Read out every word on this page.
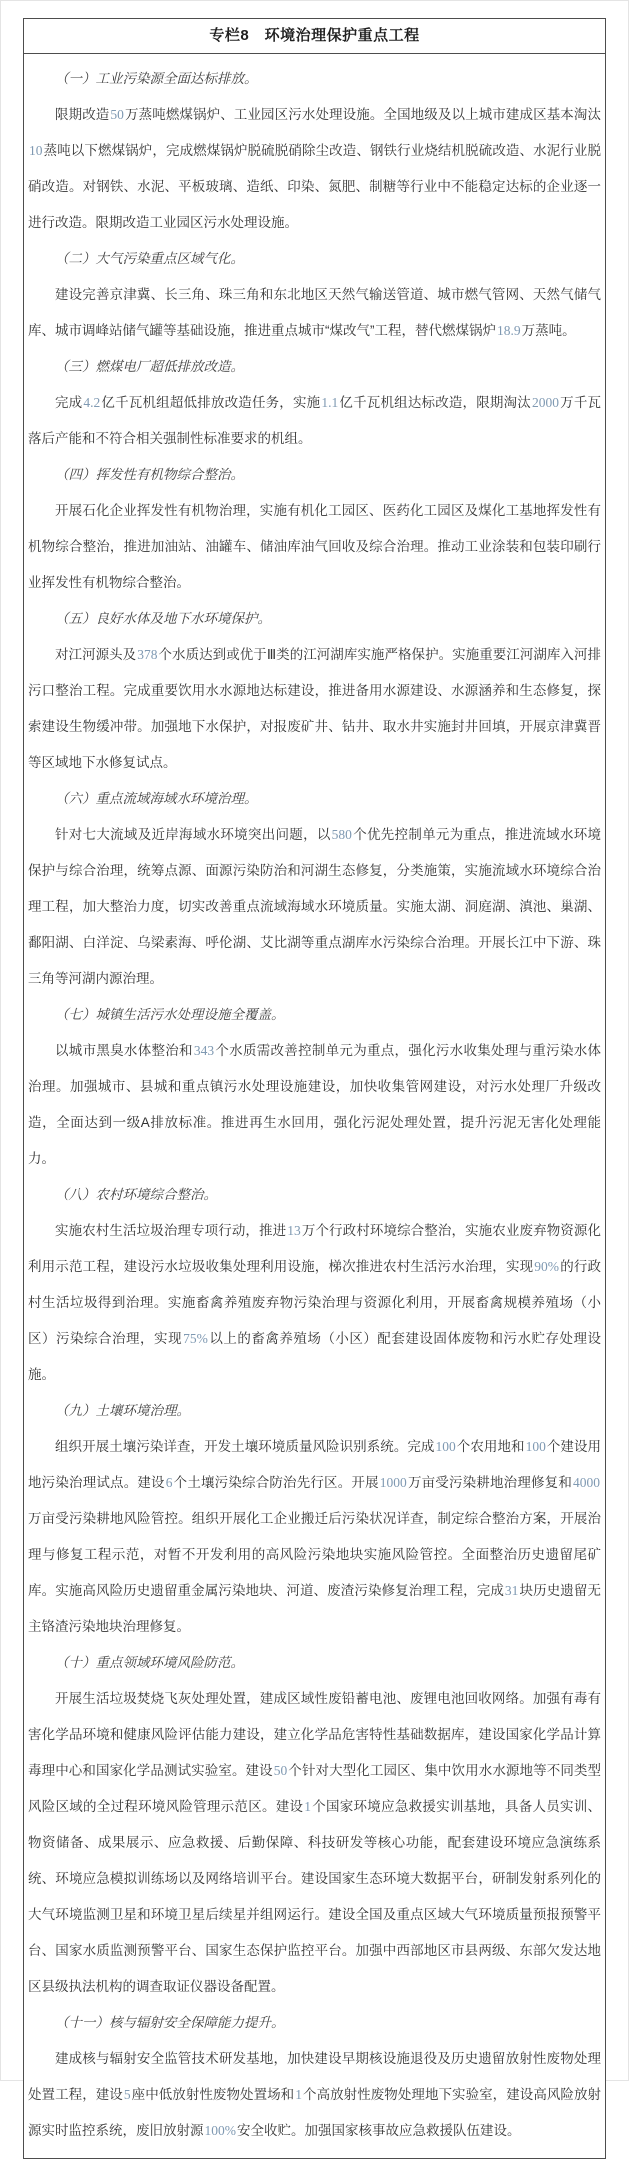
专栏8　环境治理保护重点工程

（一）工业污染源全面达标排放。

限期改造50万蒸吨燃煤锅炉、工业园区污水处理设施。全国地级及以上城市建成区基本淘汰10蒸吨以下燃煤锅炉，完成燃煤锅炉脱硫脱硝除尘改造、钢铁行业烧结机脱硫改造、水泥行业脱硝改造。对钢铁、水泥、平板玻璃、造纸、印染、氮肥、制糖等行业中不能稳定达标的企业逐一进行改造。限期改造工业园区污水处理设施。

（二）大气污染重点区域气化。

建设完善京津冀、长三角、珠三角和东北地区天然气输送管道、城市燃气管网、天然气储气库、城市调峰站储气罐等基础设施，推进重点城市“煤改气”工程，替代燃煤锅炉18.9万蒸吨。

（三）燃煤电厂超低排放改造。

完成4.2亿千瓦机组超低排放改造任务，实施1.1亿千瓦机组达标改造，限期淘汰2000万千瓦落后产能和不符合相关强制性标准要求的机组。

（四）挥发性有机物综合整治。

开展石化企业挥发性有机物治理，实施有机化工园区、医药化工园区及煤化工基地挥发性有机物综合整治，推进加油站、油罐车、储油库油气回收及综合治理。推动工业涂装和包装印刷行业挥发性有机物综合整治。

（五）良好水体及地下水环境保护。

对江河源头及378个水质达到或优于Ⅲ类的江河湖库实施严格保护。实施重要江河湖库入河排污口整治工程。完成重要饮用水水源地达标建设，推进备用水源建设、水源涵养和生态修复，探索建设生物缓冲带。加强地下水保护，对报废矿井、钻井、取水井实施封井回填，开展京津冀晋等区域地下水修复试点。

（六）重点流域海域水环境治理。

针对七大流域及近岸海域水环境突出问题，以580个优先控制单元为重点，推进流域水环境保护与综合治理，统筹点源、面源污染防治和河湖生态修复，分类施策，实施流域水环境综合治理工程，加大整治力度，切实改善重点流域海域水环境质量。实施太湖、洞庭湖、滇池、巢湖、鄱阳湖、白洋淀、乌梁素海、呼伦湖、艾比湖等重点湖库水污染综合治理。开展长江中下游、珠三角等河湖内源治理。

（七）城镇生活污水处理设施全覆盖。

以城市黑臭水体整治和343个水质需改善控制单元为重点，强化污水收集处理与重污染水体治理。加强城市、县城和重点镇污水处理设施建设，加快收集管网建设，对污水处理厂升级改造，全面达到一级A排放标准。推进再生水回用，强化污泥处理处置，提升污泥无害化处理能力。

（八）农村环境综合整治。

实施农村生活垃圾治理专项行动，推进13万个行政村环境综合整治，实施农业废弃物资源化利用示范工程，建设污水垃圾收集处理利用设施，梯次推进农村生活污水治理，实现90%的行政村生活垃圾得到治理。实施畜禽养殖废弃物污染治理与资源化利用，开展畜禽规模养殖场（小区）污染综合治理，实现75%以上的畜禽养殖场（小区）配套建设固体废物和污水贮存处理设施。

（九）土壤环境治理。

组织开展土壤污染详查，开发土壤环境质量风险识别系统。完成100个农用地和100个建设用地污染治理试点。建设6个土壤污染综合防治先行区。开展1000万亩受污染耕地治理修复和4000万亩受污染耕地风险管控。组织开展化工企业搬迁后污染状况详查，制定综合整治方案，开展治理与修复工程示范，对暂不开发利用的高风险污染地块实施风险管控。全面整治历史遗留尾矿库。实施高风险历史遗留重金属污染地块、河道、废渣污染修复治理工程，完成31块历史遗留无主铬渣污染地块治理修复。

（十）重点领域环境风险防范。

开展生活垃圾焚烧飞灰处理处置，建成区域性废铅蓄电池、废锂电池回收网络。加强有毒有害化学品环境和健康风险评估能力建设，建立化学品危害特性基础数据库，建设国家化学品计算毒理中心和国家化学品测试实验室。建设50个针对大型化工园区、集中饮用水水源地等不同类型风险区域的全过程环境风险管理示范区。建设1个国家环境应急救援实训基地，具备人员实训、物资储备、成果展示、应急救援、后勤保障、科技研发等核心功能，配套建设环境应急演练系统、环境应急模拟训练场以及网络培训平台。建设国家生态环境大数据平台，研制发射系列化的大气环境监测卫星和环境卫星后续星并组网运行。建设全国及重点区域大气环境质量预报预警平台、国家水质监测预警平台、国家生态保护监控平台。加强中西部地区市县两级、东部欠发达地区县级执法机构的调查取证仪器设备配置。

（十一）核与辐射安全保障能力提升。

建成核与辐射安全监管技术研发基地，加快建设早期核设施退役及历史遗留放射性废物处理处置工程，建设5座中低放射性废物处置场和1个高放射性废物处理地下实验室，建设高风险放射源实时监控系统，废旧放射源100%安全收贮。加强国家核事故应急救援队伍建设。
